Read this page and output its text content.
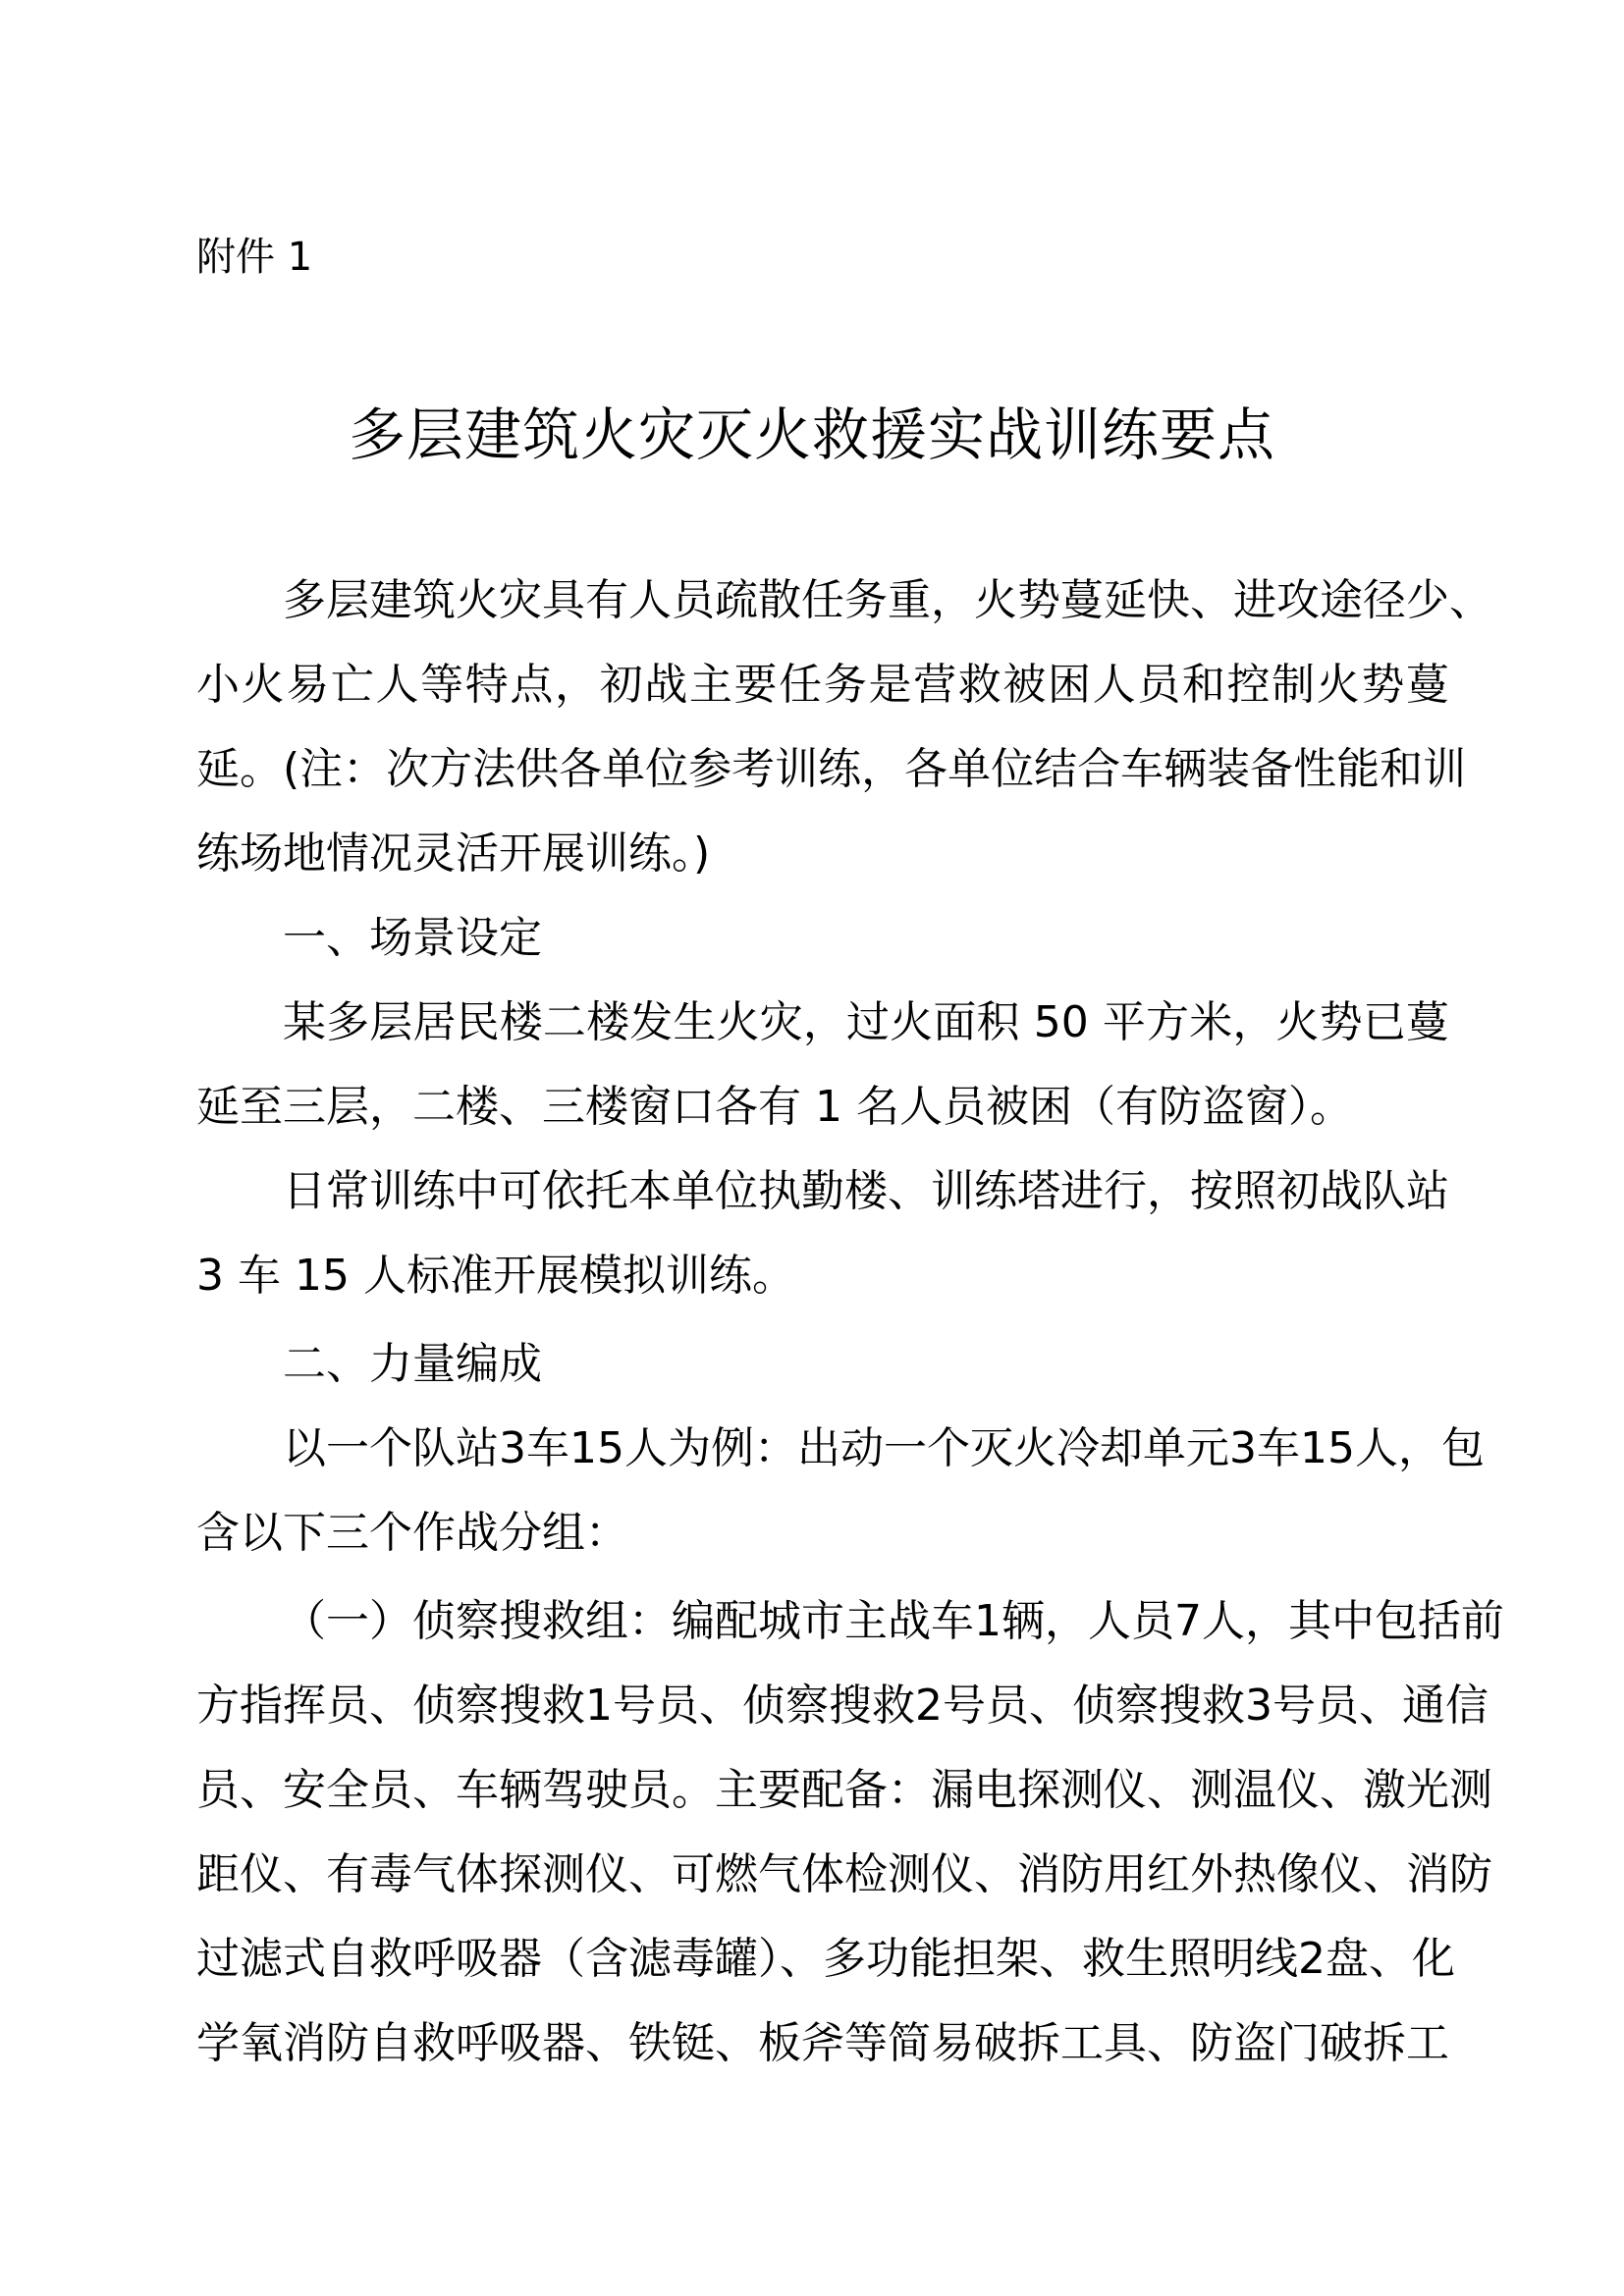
附件 1
多层建筑火灾灭火救援实战训练要点
多层建筑火灾具有人员疏散任务重，火势蔓延快、进攻途径少、
小火易亡人等特点，初战主要任务是营救被困人员和控制火势蔓
延。(注：次方法供各单位参考训练，各单位结合车辆装备性能和训
练场地情况灵活开展训练。)
一、场景设定
某多层居民楼二楼发生火灾，过火面积 50 平方米，火势已蔓
延至三层，二楼、三楼窗口各有 1 名人员被困（有防盗窗）。
日常训练中可依托本单位执勤楼、训练塔进行，按照初战队站
3 车 15 人标准开展模拟训练。
二、力量编成
以一个队站3车15人为例：出动一个灭火冷却单元3车15人，包
含以下三个作战分组：
（一）侦察搜救组：编配城市主战车1辆，人员7人，其中包括前
方指挥员、侦察搜救1号员、侦察搜救2号员、侦察搜救3号员、通信
员、安全员、车辆驾驶员。主要配备：漏电探测仪、测温仪、激光测
距仪、有毒气体探测仪、可燃气体检测仪、消防用红外热像仪、消防
过滤式自救呼吸器（含滤毒罐）、多功能担架、救生照明线2盘、化
学氧消防自救呼吸器、铁铤、板斧等简易破拆工具、防盗门破拆工
